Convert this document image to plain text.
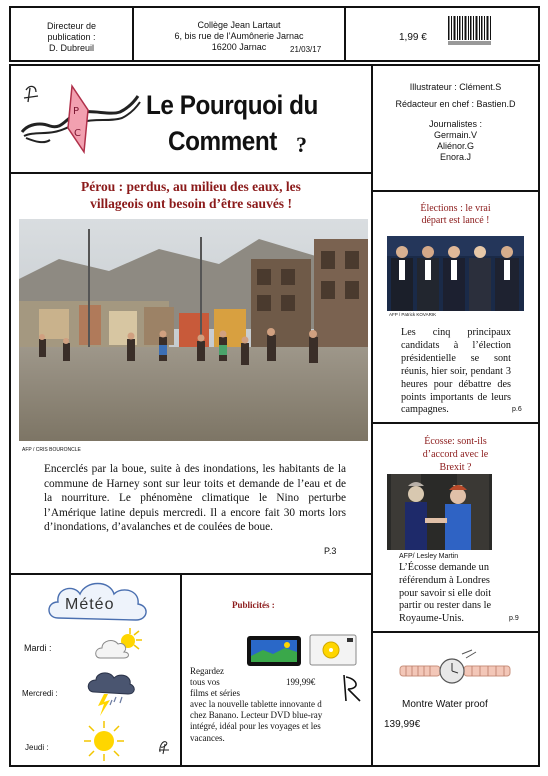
Directeur de
publication :
D. Dubreuil
Collège Jean Lartaut
6, bis rue de l’Aumônerie Jarnac
16200 Jarnac	21/03/17
1,99 €
P
C
Le Pourquoi du
Comment ?
Illustrateur : Clément.S
Rédacteur en chef : Bastien.D
Journalistes :
Germain.V
Aliénor.G
Enora.J
Pérou : perdus, au milieu des eaux, les
villageois ont besoin d’être sauvés !
AFP / CRIS BOURONCLE
Encerclés par la boue, suite à des inondations, les habitants de la commune de Harney sont sur leur toits et demande de l’eau et de la nourriture. Le phénomène climatique le Nino perturbe l’Amérique latine depuis mercredi. Il a encore fait 30 morts lors d’inondations, d’avalanches et de coulées de boue.
P.3
Élections : le vrai
départ est lancé !
AFP / Patrick KOVARIK
Les cinq principaux candidats à l’élection présidentielle se sont réunis, hier soir, pendant 3 heures pour débattre des points importants de leurs campagnes.	p.6
Écosse: sont-ils
d’accord avec le
Brexit ?
AFP/ Lesley Martin
L’Écosse demande un référendum à Londres pour savoir si elle doit partir ou rester dans le Royaume-Unis.	p.9
Météo
Mardi :
Mercredi :
Jeudi :
Publicités :
Regardez
tous vos	199,99€
films et séries
avec la nouvelle tablette innovante d
chez Banano. Lecteur DVD blue-ray
intégré, idéal pour les voyages et les
vacances.
Montre Water proof
139,99€
